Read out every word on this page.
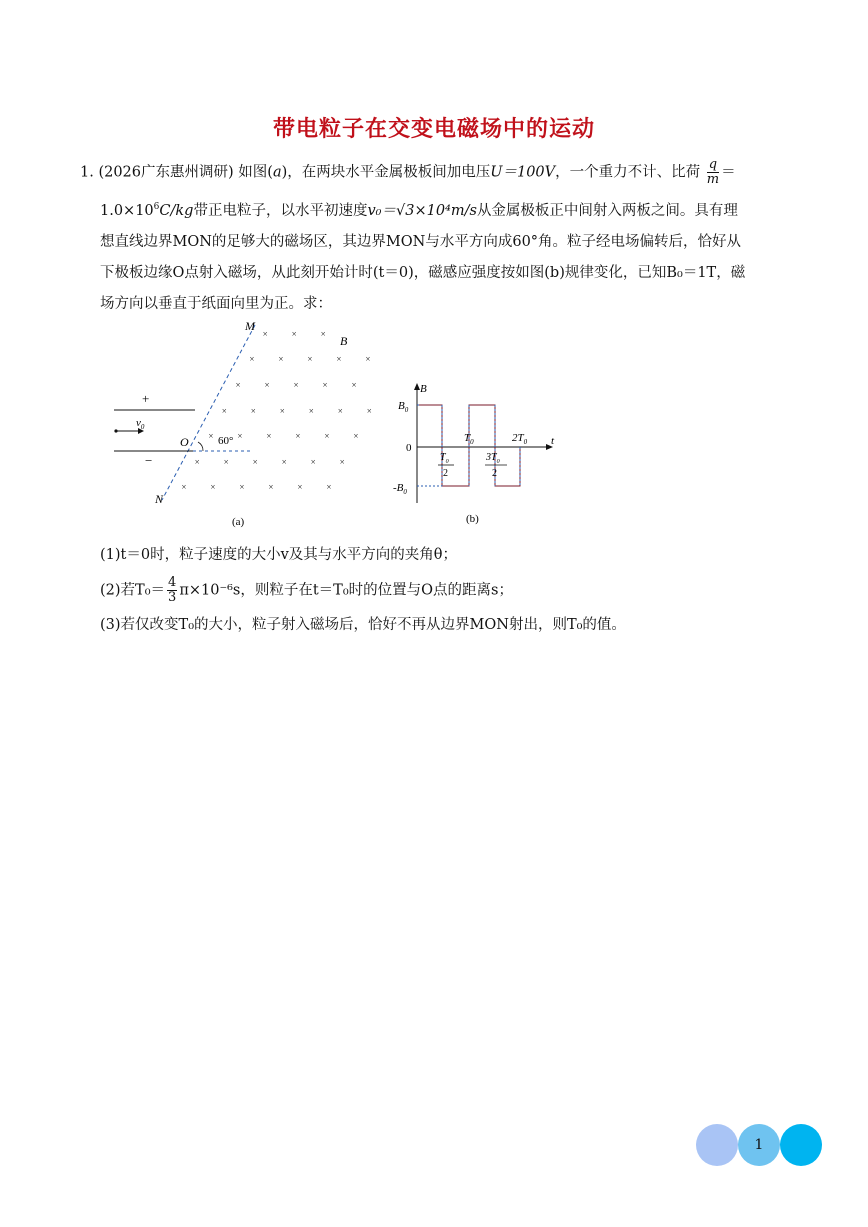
带电粒子在交变电磁场中的运动
1. (2026广东惠州调研) 如图(a)，在两块水平金属极板间加电压U＝100V，一个重力不计、比荷 $\frac{q}{m}$ ＝
$1.0\times 10^6C/kg$带正电粒子，以水平初速度v₀＝√3×10⁴m/s从金属极板正中间射入两板之间。具有理
想直线边界MON的足够大的磁场区，其边界MON与水平方向成60°角。粒子经电场偏转后，恰好从
下极板边缘O点射入磁场，从此刻开始计时(t＝0)，磁感应强度按如图(b)规律变化，已知B₀＝1T，磁
场方向以垂直于纸面向里为正。求：
M
N
+
−
$v_0$
O	60°
B
×	×	×
×	×	×	×	×
×	×	×	×	×
×	×	×	×	×	×
×	×	×	×	×	×
×	×	×	×	×	×
×	×	×	×	×	×
(a)
B
t
0
$B_0$
$-B_0$
$T_0$	$2T_0$
$T_0$
2
$3T_0$
2
(b)
(1)t＝0时，粒子速度的大小v及其与水平方向的夹角θ；
(2)若$T_0= \frac{4}{3} \pi\times 10^{-6}s$，则粒子在t＝T₀时的位置与O点的距离s；
(3)若仅改变T₀的大小，粒子射入磁场后，恰好不再从边界MON射出，则T₀的值。
1
